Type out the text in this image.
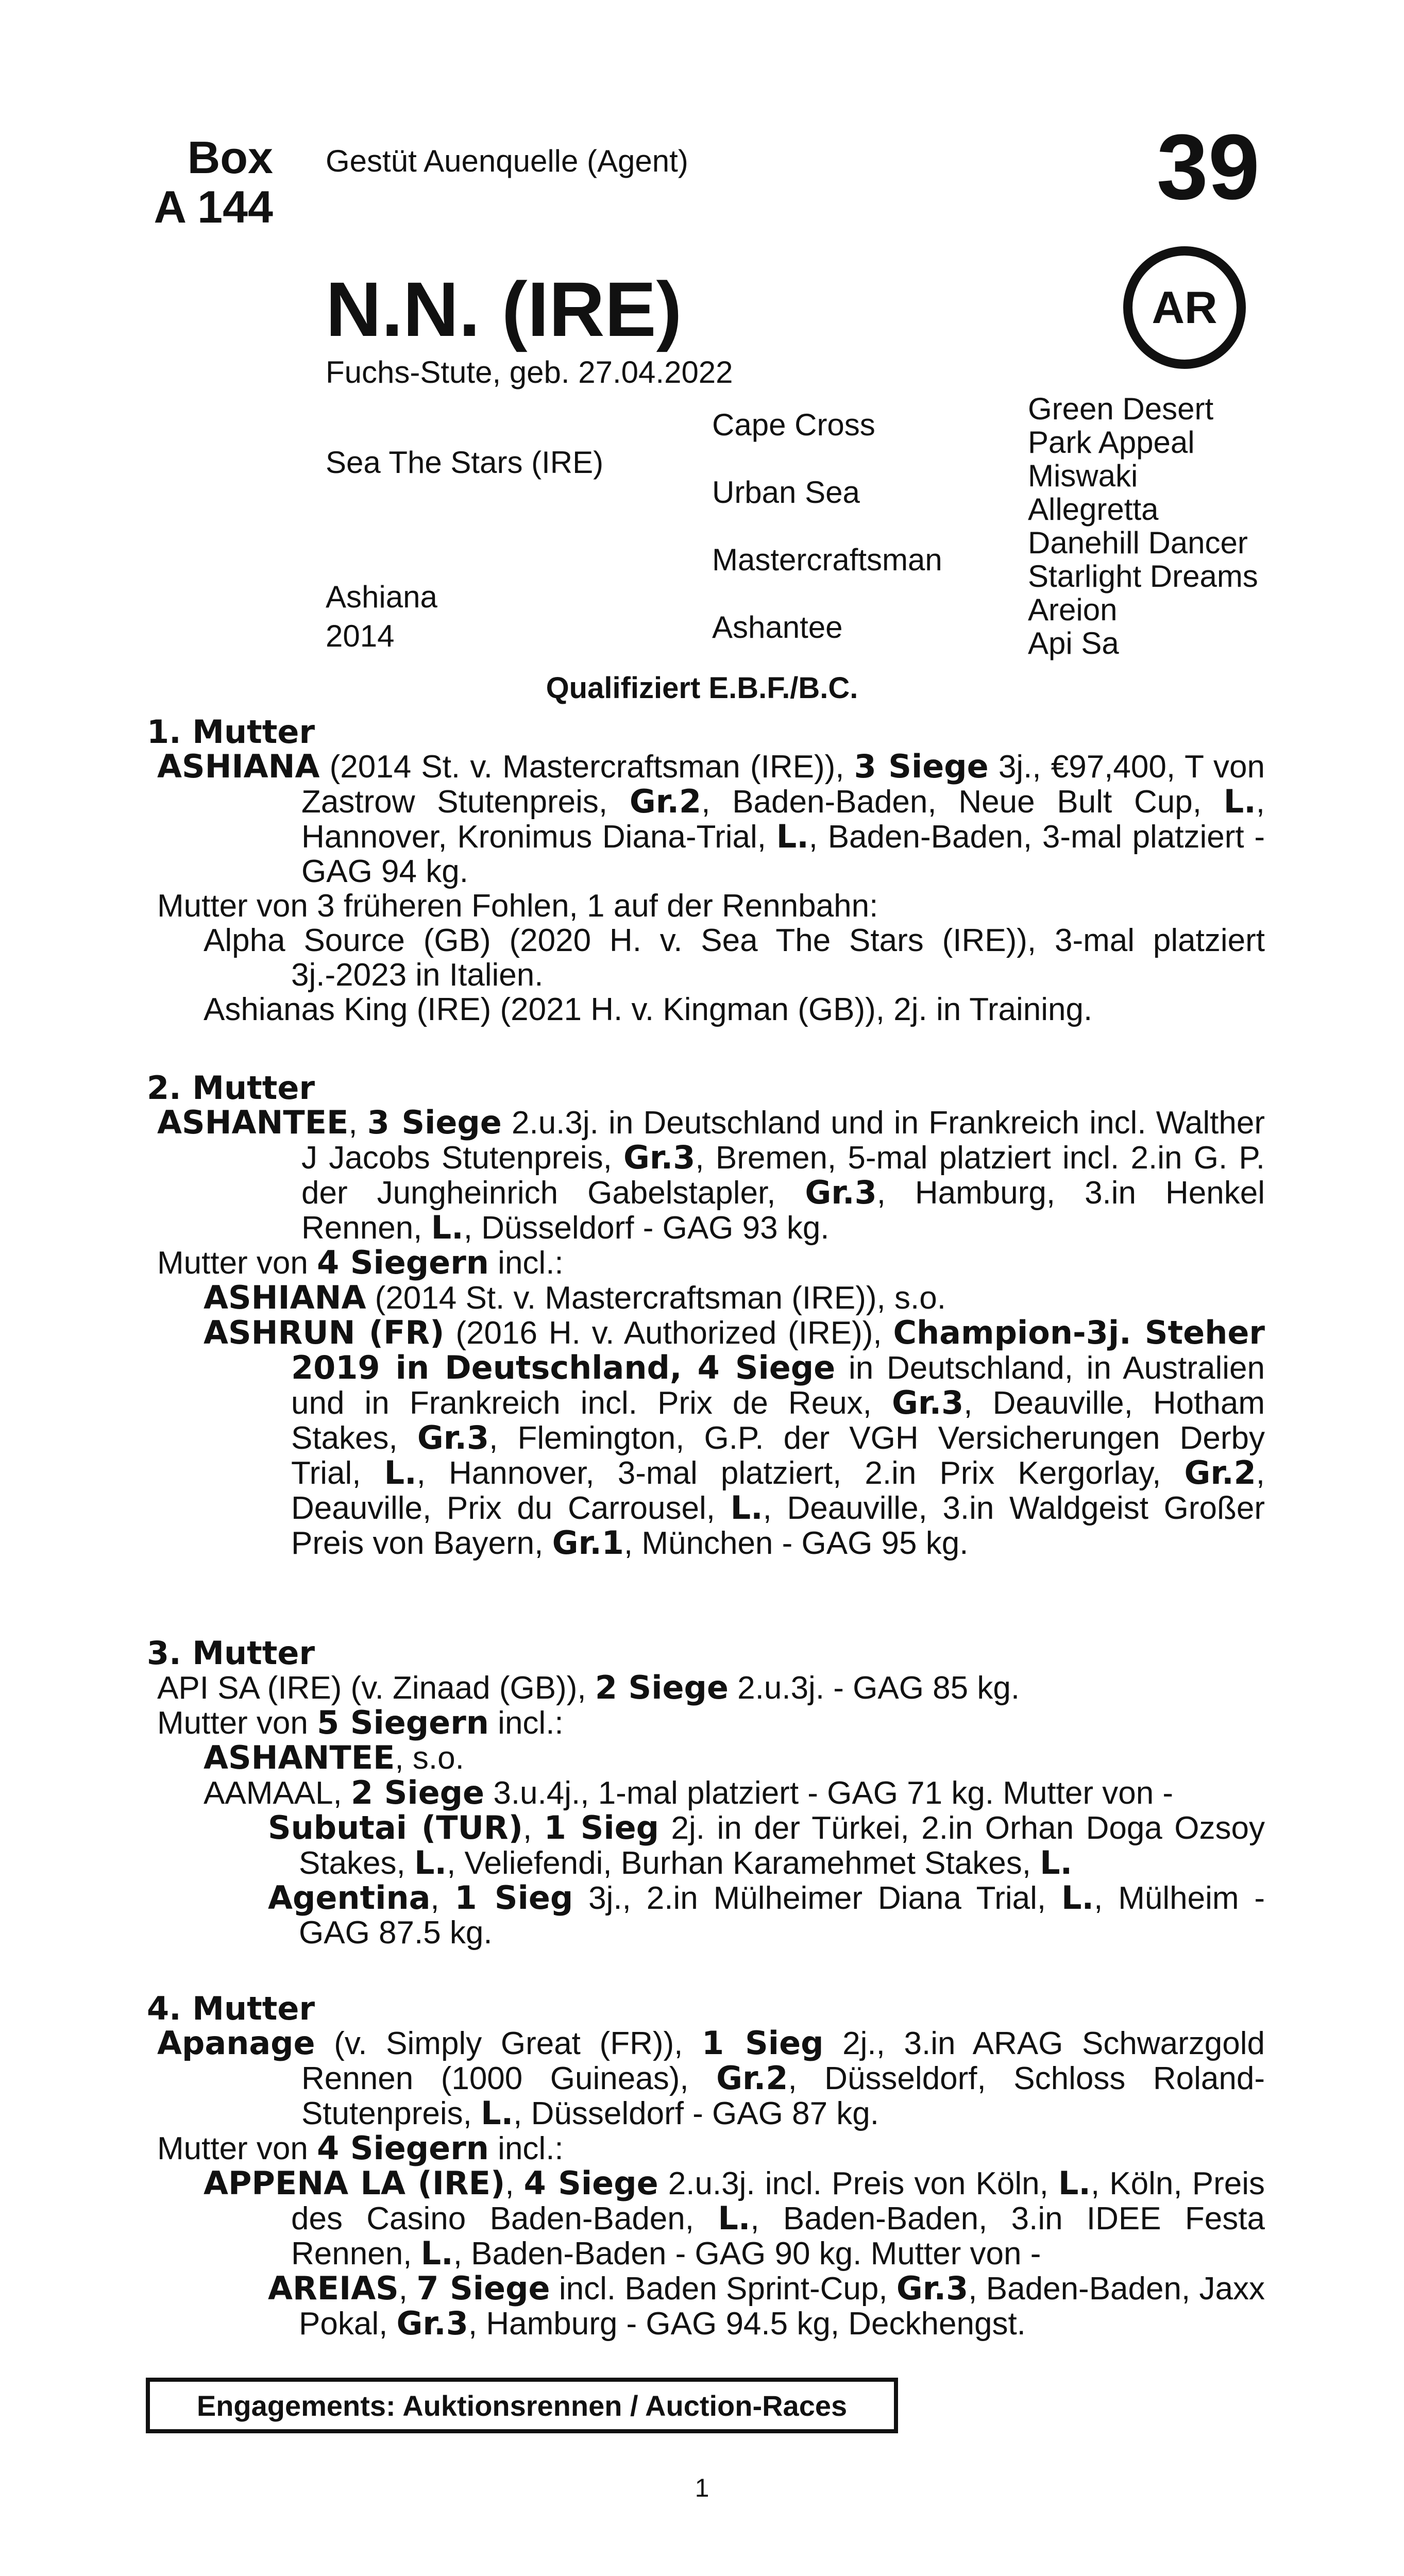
Box
A 144
Gestüt Auenquelle (Agent)	39
N.N. (IRE)	AR
Fuchs-Stute, geb. 27.04.2022
Sea The Stars (IRE)
Ashiana
2014
Cape Cross
Urban Sea
Mastercraftsman
Ashantee
Green Desert
Park Appeal
Miswaki
Allegretta
Danehill Dancer
Starlight Dreams
Areion
Api Sa
Qualifiziert E.B.F./B.C.
1. Mutter
ASHIANA (2014 St. v. Mastercraftsman (IRE)), 3 Siege 3j., €97,400, T von Zastrow Stutenpreis, Gr.2, Baden-Baden, Neue Bult Cup, L., Hannover, Kronimus Diana-Trial, L., Baden-Baden, 3-mal platziert - GAG 94 kg.
Mutter von 3 früheren Fohlen, 1 auf der Rennbahn:
Alpha Source (GB) (2020 H. v. Sea The Stars (IRE)), 3-mal platziert 3j.-2023 in Italien.
Ashianas King (IRE) (2021 H. v. Kingman (GB)), 2j. in Training.
2. Mutter
ASHANTEE, 3 Siege 2.u.3j. in Deutschland und in Frankreich incl. Walther J Jacobs Stutenpreis, Gr.3, Bremen, 5-mal platziert incl. 2.in G. P. der Jungheinrich Gabelstapler, Gr.3, Hamburg, 3.in Henkel Rennen, L., Düsseldorf - GAG 93 kg.
Mutter von 4 Siegern incl.:
ASHIANA (2014 St. v. Mastercraftsman (IRE)), s.o.
ASHRUN (FR) (2016 H. v. Authorized (IRE)), Champion-3j. Steher 2019 in Deutschland, 4 Siege in Deutschland, in Australien und in Frankreich incl. Prix de Reux, Gr.3, Deauville, Hotham Stakes, Gr.3, Flemington, G.P. der VGH Versicherungen Derby Trial, L., Hannover, 3-mal platziert, 2.in Prix Kergorlay, Gr.2, Deauville, Prix du Carrousel, L., Deauville, 3.in Waldgeist Großer Preis von Bayern, Gr.1, München - GAG 95 kg.
3. Mutter
API SA (IRE) (v. Zinaad (GB)), 2 Siege 2.u.3j. - GAG 85 kg.
Mutter von 5 Siegern incl.:
ASHANTEE, s.o.
AAMAAL, 2 Siege 3.u.4j., 1-mal platziert - GAG 71 kg. Mutter von -
Subutai (TUR), 1 Sieg 2j. in der Türkei, 2.in Orhan Doga Ozsoy Stakes, L., Veliefendi, Burhan Karamehmet Stakes, L.
Agentina, 1 Sieg 3j., 2.in Mülheimer Diana Trial, L., Mülheim - GAG 87.5 kg.
4. Mutter
Apanage (v. Simply Great (FR)), 1 Sieg 2j., 3.in ARAG Schwarzgold Rennen (1000 Guineas), Gr.2, Düsseldorf, Schloss Roland-Stutenpreis, L., Düsseldorf - GAG 87 kg.
Mutter von 4 Siegern incl.:
APPENA LA (IRE), 4 Siege 2.u.3j. incl. Preis von Köln, L., Köln, Preis des Casino Baden-Baden, L., Baden-Baden, 3.in IDEE Festa Rennen, L., Baden-Baden - GAG 90 kg. Mutter von -
AREIAS, 7 Siege incl. Baden Sprint-Cup, Gr.3, Baden-Baden, Jaxx Pokal, Gr.3, Hamburg - GAG 94.5 kg, Deckhengst.
Engagements: Auktionsrennen / Auction-Races
1
